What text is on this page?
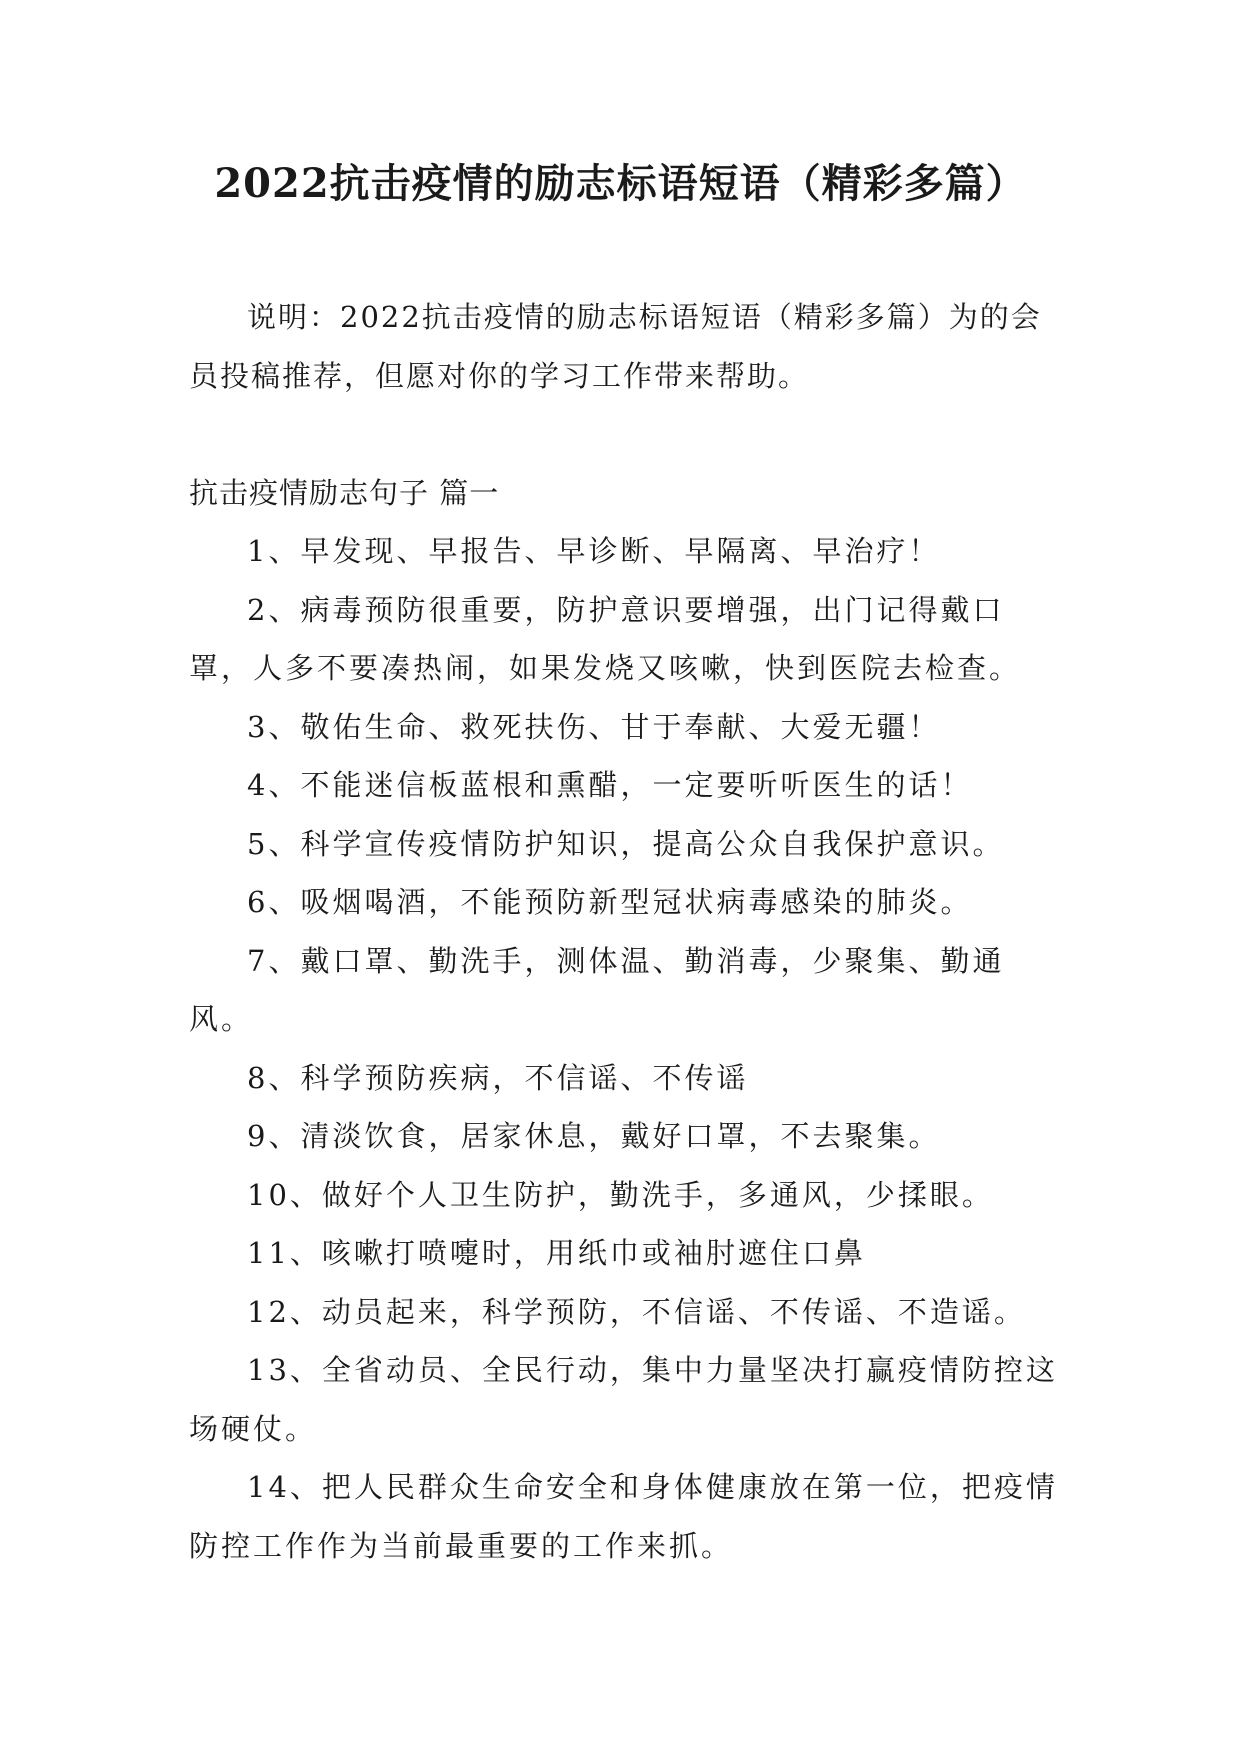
2022抗击疫情的励志标语短语（精彩多篇）

说明：2022抗击疫情的励志标语短语（精彩多篇）为的会员投稿推荐，但愿对你的学习工作带来帮助。

抗击疫情励志句子 篇一

1、早发现、早报告、早诊断、早隔离、早治疗！

2、病毒预防很重要，防护意识要增强，出门记得戴口罩，人多不要凑热闹，如果发烧又咳嗽，快到医院去检查。

3、敬佑生命、救死扶伤、甘于奉献、大爱无疆！

4、不能迷信板蓝根和熏醋，一定要听听医生的话！

5、科学宣传疫情防护知识，提高公众自我保护意识。

6、吸烟喝酒，不能预防新型冠状病毒感染的肺炎。

7、戴口罩、勤洗手，测体温、勤消毒，少聚集、勤通风。

8、科学预防疾病，不信谣、不传谣

9、清淡饮食，居家休息，戴好口罩，不去聚集。

10、做好个人卫生防护，勤洗手，多通风，少揉眼。

11、咳嗽打喷嚏时，用纸巾或袖肘遮住口鼻

12、动员起来，科学预防，不信谣、不传谣、不造谣。

13、全省动员、全民行动，集中力量坚决打赢疫情防控这场硬仗。

14、把人民群众生命安全和身体健康放在第一位，把疫情防控工作作为当前最重要的工作来抓。
